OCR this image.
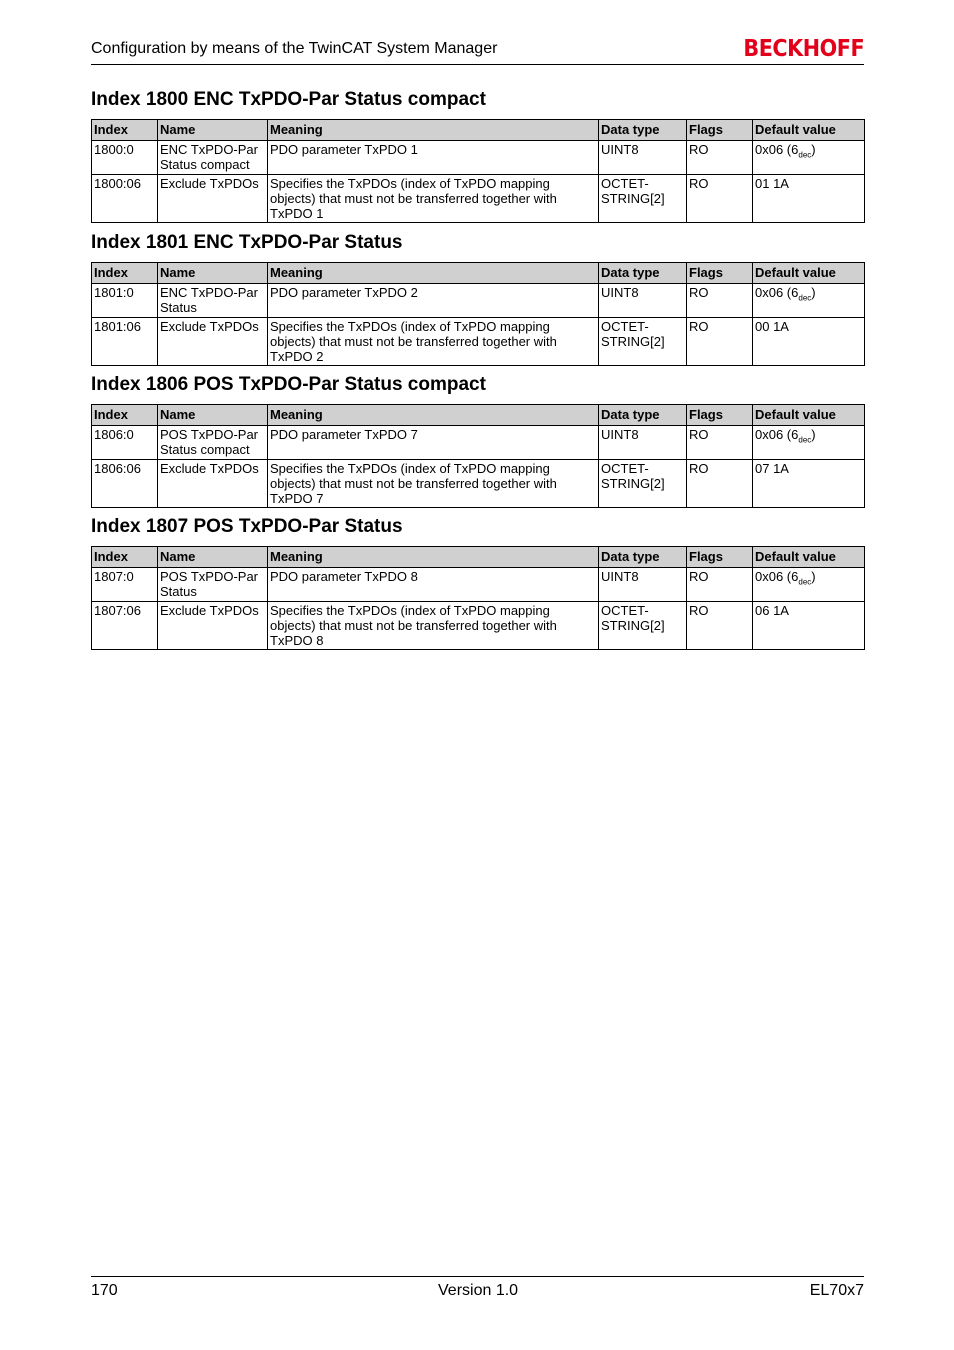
Configuration by means of the TwinCAT System Manager	BECKHOFF
Index 1800 ENC TxPDO-Par Status compact
Index	Name	Meaning	Data type	Flags	Default value
1800:0	ENC TxPDO-Par Status compact	PDO parameter TxPDO 1	UINT8	RO	0x06 $(6_{dec})$
1800:06	Exclude TxPDOs	Specifies the TxPDOs (index of TxPDO mapping objects) that must not be transferred together with TxPDO 1	OCTET-STRING[2]	RO	01 1A
Index 1801 ENC TxPDO-Par Status
Index	Name	Meaning	Data type	Flags	Default value
1801:0	ENC TxPDO-Par Status	PDO parameter TxPDO 2	UINT8	RO	0x06 $(6_{dec})$
1801:06	Exclude TxPDOs	Specifies the TxPDOs (index of TxPDO mapping objects) that must not be transferred together with TxPDO 2	OCTET-STRING[2]	RO	00 1A
Index 1806 POS TxPDO-Par Status compact
Index	Name	Meaning	Data type	Flags	Default value
1806:0	POS TxPDO-Par Status compact	PDO parameter TxPDO 7	UINT8	RO	0x06 $(6_{dec})$
1806:06	Exclude TxPDOs	Specifies the TxPDOs (index of TxPDO mapping objects) that must not be transferred together with TxPDO 7	OCTET-STRING[2]	RO	07 1A
Index 1807 POS TxPDO-Par Status
Index	Name	Meaning	Data type	Flags	Default value
1807:0	POS TxPDO-Par Status	PDO parameter TxPDO 8	UINT8	RO	0x06 $(6_{dec})$
1807:06	Exclude TxPDOs	Specifies the TxPDOs (index of TxPDO mapping objects) that must not be transferred together with TxPDO 8	OCTET-STRING[2]	RO	06 1A
170	Version 1.0	EL70x7
